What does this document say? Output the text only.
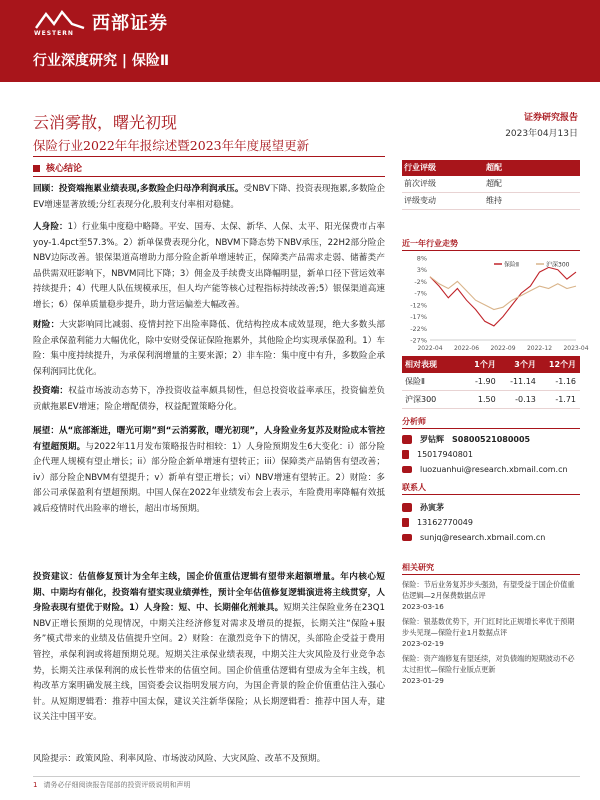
WESTERN 西部证券
行业深度研究 | 保险Ⅱ
云消雾散，曙光初现
保险行业2022年年报综述暨2023年年度展望更新
证券研究报告
2023年04月13日
核心结论
回顾：投资端拖累业绩表现,多数险企归母净利润承压。受NBV下降、投资表现拖累,多数险企EV增速显著放缓;分红表现分化,股利支付率相对稳健。
人身险：1）行业集中度稳中略降。平安、国寿、太保、新华、人保、太平、阳光保费市占率yoy-1.4pct至57.3%。2）新单保费表现分化，NBVM下降态势下NBV承压，22H2部分险企NBV边际改善。银保渠道高增助力部分险企新单增速转正，保障类产品需求走弱、储蓄类产品供需双旺影响下，NBVM同比下降；3）佣金及手续费支出降幅明显，新单口径下营运效率持续提升；4）代理人队伍规模承压，但人均产能等核心过程指标持续改善;5）银保渠道高速增长；6）保单质量稳步提升，助力营运偏差大幅改善。
财险：大灾影响同比减弱、疫情封控下出险率降低、优结构控成本成效显现，绝大多数头部险企承保盈利能力大幅优化，除中安财受保证保险拖累外，其他险企均实现承保盈利。1）车险：集中度持续提升，为承保利润增量的主要来源；2）非车险：集中度中有升，多数险企承保利润同比优化。
投资端：权益市场波动态势下，净投资收益率颇具韧性，但总投资收益率承压，投资偏差负贡献拖累EV增速；险企增配债券，权益配置策略分化。
展望：从“底部渐进，曙光可期”到“云消雾散，曙光初现”，人身险业务复苏及财险成本管控有望超预期。与2022年11月发布策略报告时相较：1）人身险预期发生6大变化：i）部分险企代理人规模有望止增长；ii）部分险企新单增速有望转正；iii）保障类产品销售有望改善；iv）部分险企NBVM有望提升；v）新单有望正增长；vi）NBV增速有望转正。2）财险：多部公司承保盈利有望超预期。中国人保在2022年业绩发布会上表示，车险费用率降幅有效抵减后疫情时代出险率的增长，超出市场预期。
投资建议：估值修复预计为全年主线，国企价值重估逻辑有望带来超额增量。年内核心短期、中期均有催化，投资端有望实现业绩弹性，预计全年估值修复逻辑演进将主线贯穿，人身险表现有望优于财险。1）人身险：短、中、长期催化剂兼具。短期关注保险业务在23Q1 NBV正增长预期的兑现情况，中期关注经济修复对需求及增员的提振，长期关注“保险+服务”模式带来的业绩及估值提升空间。2）财险：在激烈竞争下的情况，头部险企受益于费用管控，承保利润或将超预期兑现。短期关注承保业绩表现，中期关注大灾风险及行业竞争态势，长期关注承保利润的成长性带来的估值空间。国企价值重估逻辑有望成为全年主线，机构改革方案明确发展主线，国资委会议指明发展方向，为国企背景的险企价值重估注入强心针。从短期逻辑看：推荐中国太保，建议关注新华保险；从长期逻辑看：推荐中国人寿，建议关注中国平安。
风险提示：政策风险、利率风险、市场波动风险、大灾风险、改革不及预期。
行业评级	超配
前次评级	超配
评级变动	维持
近一年行业走势
8%
3%
-2%
-7%
-12%
-17%
-22%
-27%
2022-04 2022-06 2022-09 2022-12 2023-04
保险Ⅱ	沪深300
相对表现	1个月	3个月	12个月
保险Ⅱ	-1.90	-11.14	-1.16
沪深300	1.50	-0.13	-1.71
分析师
罗钻辉 S0800521080005
15017940801
luozuanhui@research.xbmail.com.cn
联系人
孙寅茅
13162770049
sunjq@research.xbmail.com.cn
相关研究
保险：节后业务复苏步头强劲，有望受益于国企价值重估逻辑—2月保费数据点评
2023-03-16
保险：银基数优势下，开门红时比正规增长率优于预期步头见现—保险行业1月数据点评
2023-02-19
保险：资产端修复有望延续，对负债端的短期波动不必太过担忧—保险行业版点更新
2023-01-29
1 请务必仔细阅读报告尾部的投资评级说明和声明
